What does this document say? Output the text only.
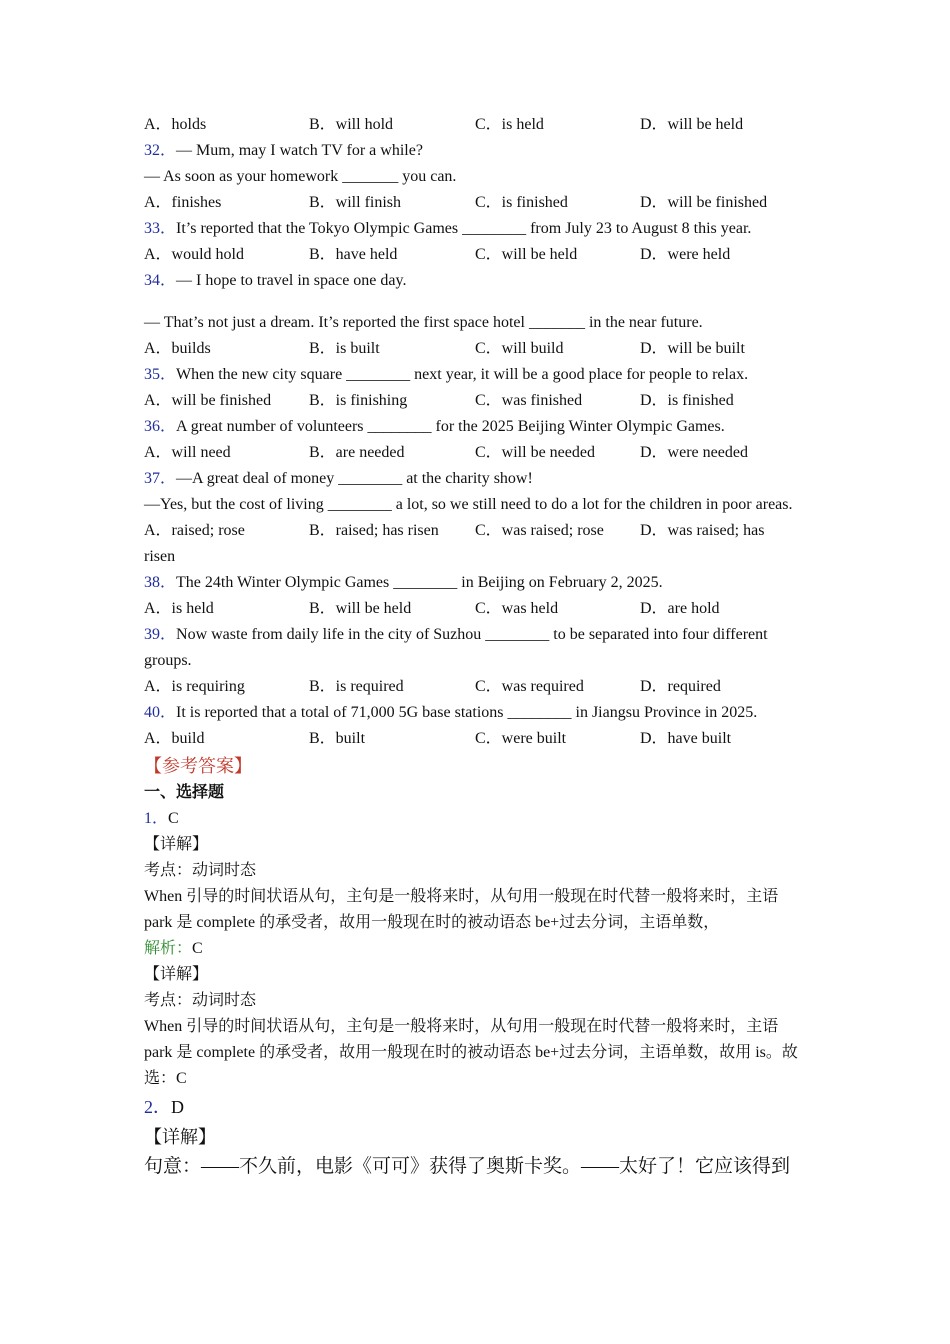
A．holds	B．will hold	C．is held	D．will be held
32．— Mum, may I watch TV for a while?
— As soon as your homework _______ you can.
A．finishes	B．will finish	C．is finished	D．will be finished
33．It’s reported that the Tokyo Olympic Games ________ from July 23 to August 8 this year.
A．would hold	B．have held	C．will be held	D．were held
34．— I hope to travel in space one day.
— That’s not just a dream. It’s reported the first space hotel _______ in the near future.
A．builds	B．is built	C．will build	D．will be built
35．When the new city square ________ next year, it will be a good place for people to relax.
A．will be finished B．is finishing	C．was finished	D．is finished
36．A great number of volunteers ________ for the 2025 Beijing Winter Olympic Games.
A．will need	B．are needed	C．will be needed	D．were needed
37．—A great deal of money ________ at the charity show!
—Yes, but the cost of living ________ a lot, so we still need to do a lot for the children in poor areas.
A．raised; rose	B．raised; has risen C．was raised; rose D．was raised; has
risen
38．The 24th Winter Olympic Games ________ in Beijing on February 2, 2025.
A．is held	B．will be held	C．was held	D．are hold
39．Now waste from daily life in the city of Suzhou ________ to be separated into four different groups.
A．is requiring	B．is required	C．was required	D．required
40．It is reported that a total of 71,000 5G base stations ________ in Jiangsu Province in 2025.
A．build	B．built	C．were built	D．have built
【参考答案】
一、选择题
1．C
【详解】
考点：动词时态
When 引导的时间状语从句，主句是一般将来时，从句用一般现在时代替一般将来时，主语 park 是 complete 的承受者，故用一般现在时的被动语态 be+过去分词，主语单数，
解析：C
【详解】
考点：动词时态
When 引导的时间状语从句，主句是一般将来时，从句用一般现在时代替一般将来时，主语 park 是 complete 的承受者，故用一般现在时的被动语态 be+过去分词，主语单数，故用 is。故选：C
2．D
【详解】
句意：——不久前，电影《可可》获得了奥斯卡奖。——太好了！它应该得到
